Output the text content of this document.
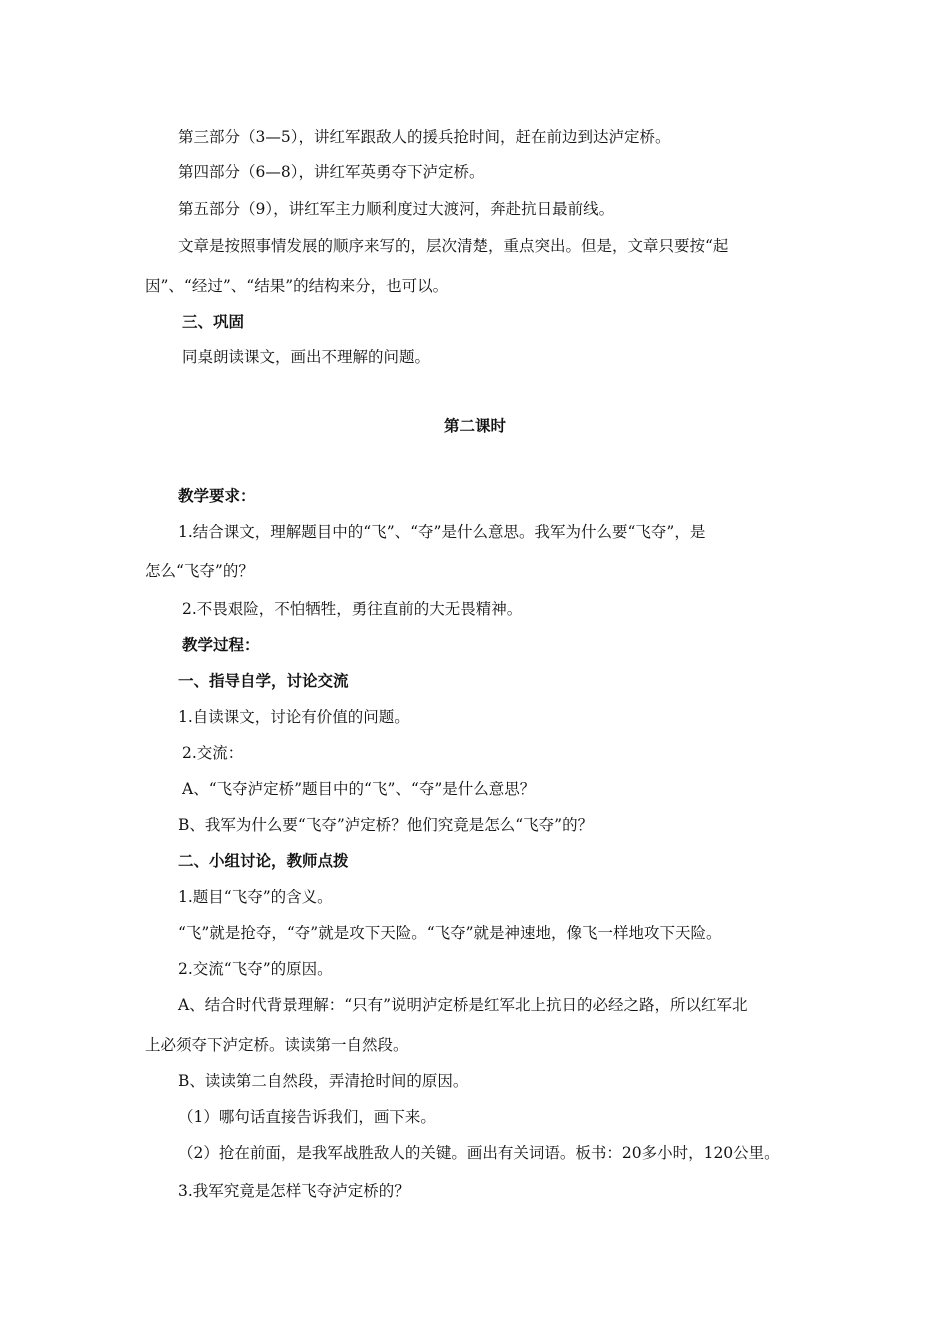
第三部分（3—5），讲红军跟敌人的援兵抢时间，赶在前边到达泸定桥。
第四部分（6—8），讲红军英勇夺下泸定桥。
第五部分（9），讲红军主力顺利度过大渡河，奔赴抗日最前线。
文章是按照事情发展的顺序来写的，层次清楚，重点突出。但是，文章只要按“起
因”、“经过”、“结果”的结构来分，也可以。
三、巩固
同桌朗读课文，画出不理解的问题。
第二课时
教学要求：
1.结合课文，理解题目中的“飞”、“夺”是什么意思。我军为什么要“飞夺”，是
怎么“飞夺”的？
2.不畏艰险，不怕牺牲，勇往直前的大无畏精神。
教学过程：
一、指导自学，讨论交流
1.自读课文，讨论有价值的问题。
2.交流：
A、“飞夺泸定桥”题目中的“飞”、“夺”是什么意思？
B、我军为什么要“飞夺”泸定桥？他们究竟是怎么“飞夺”的？
二、小组讨论，教师点拨
1.题目“飞夺”的含义。
“飞”就是抢夺，“夺”就是攻下天险。“飞夺”就是神速地，像飞一样地攻下天险。
2.交流“飞夺”的原因。
A、结合时代背景理解：“只有”说明泸定桥是红军北上抗日的必经之路，所以红军北
上必须夺下泸定桥。读读第一自然段。
B、读读第二自然段，弄清抢时间的原因。
（1）哪句话直接告诉我们，画下来。
（2）抢在前面，是我军战胜敌人的关键。画出有关词语。板书：20多小时，120公里。
3.我军究竟是怎样飞夺泸定桥的？
